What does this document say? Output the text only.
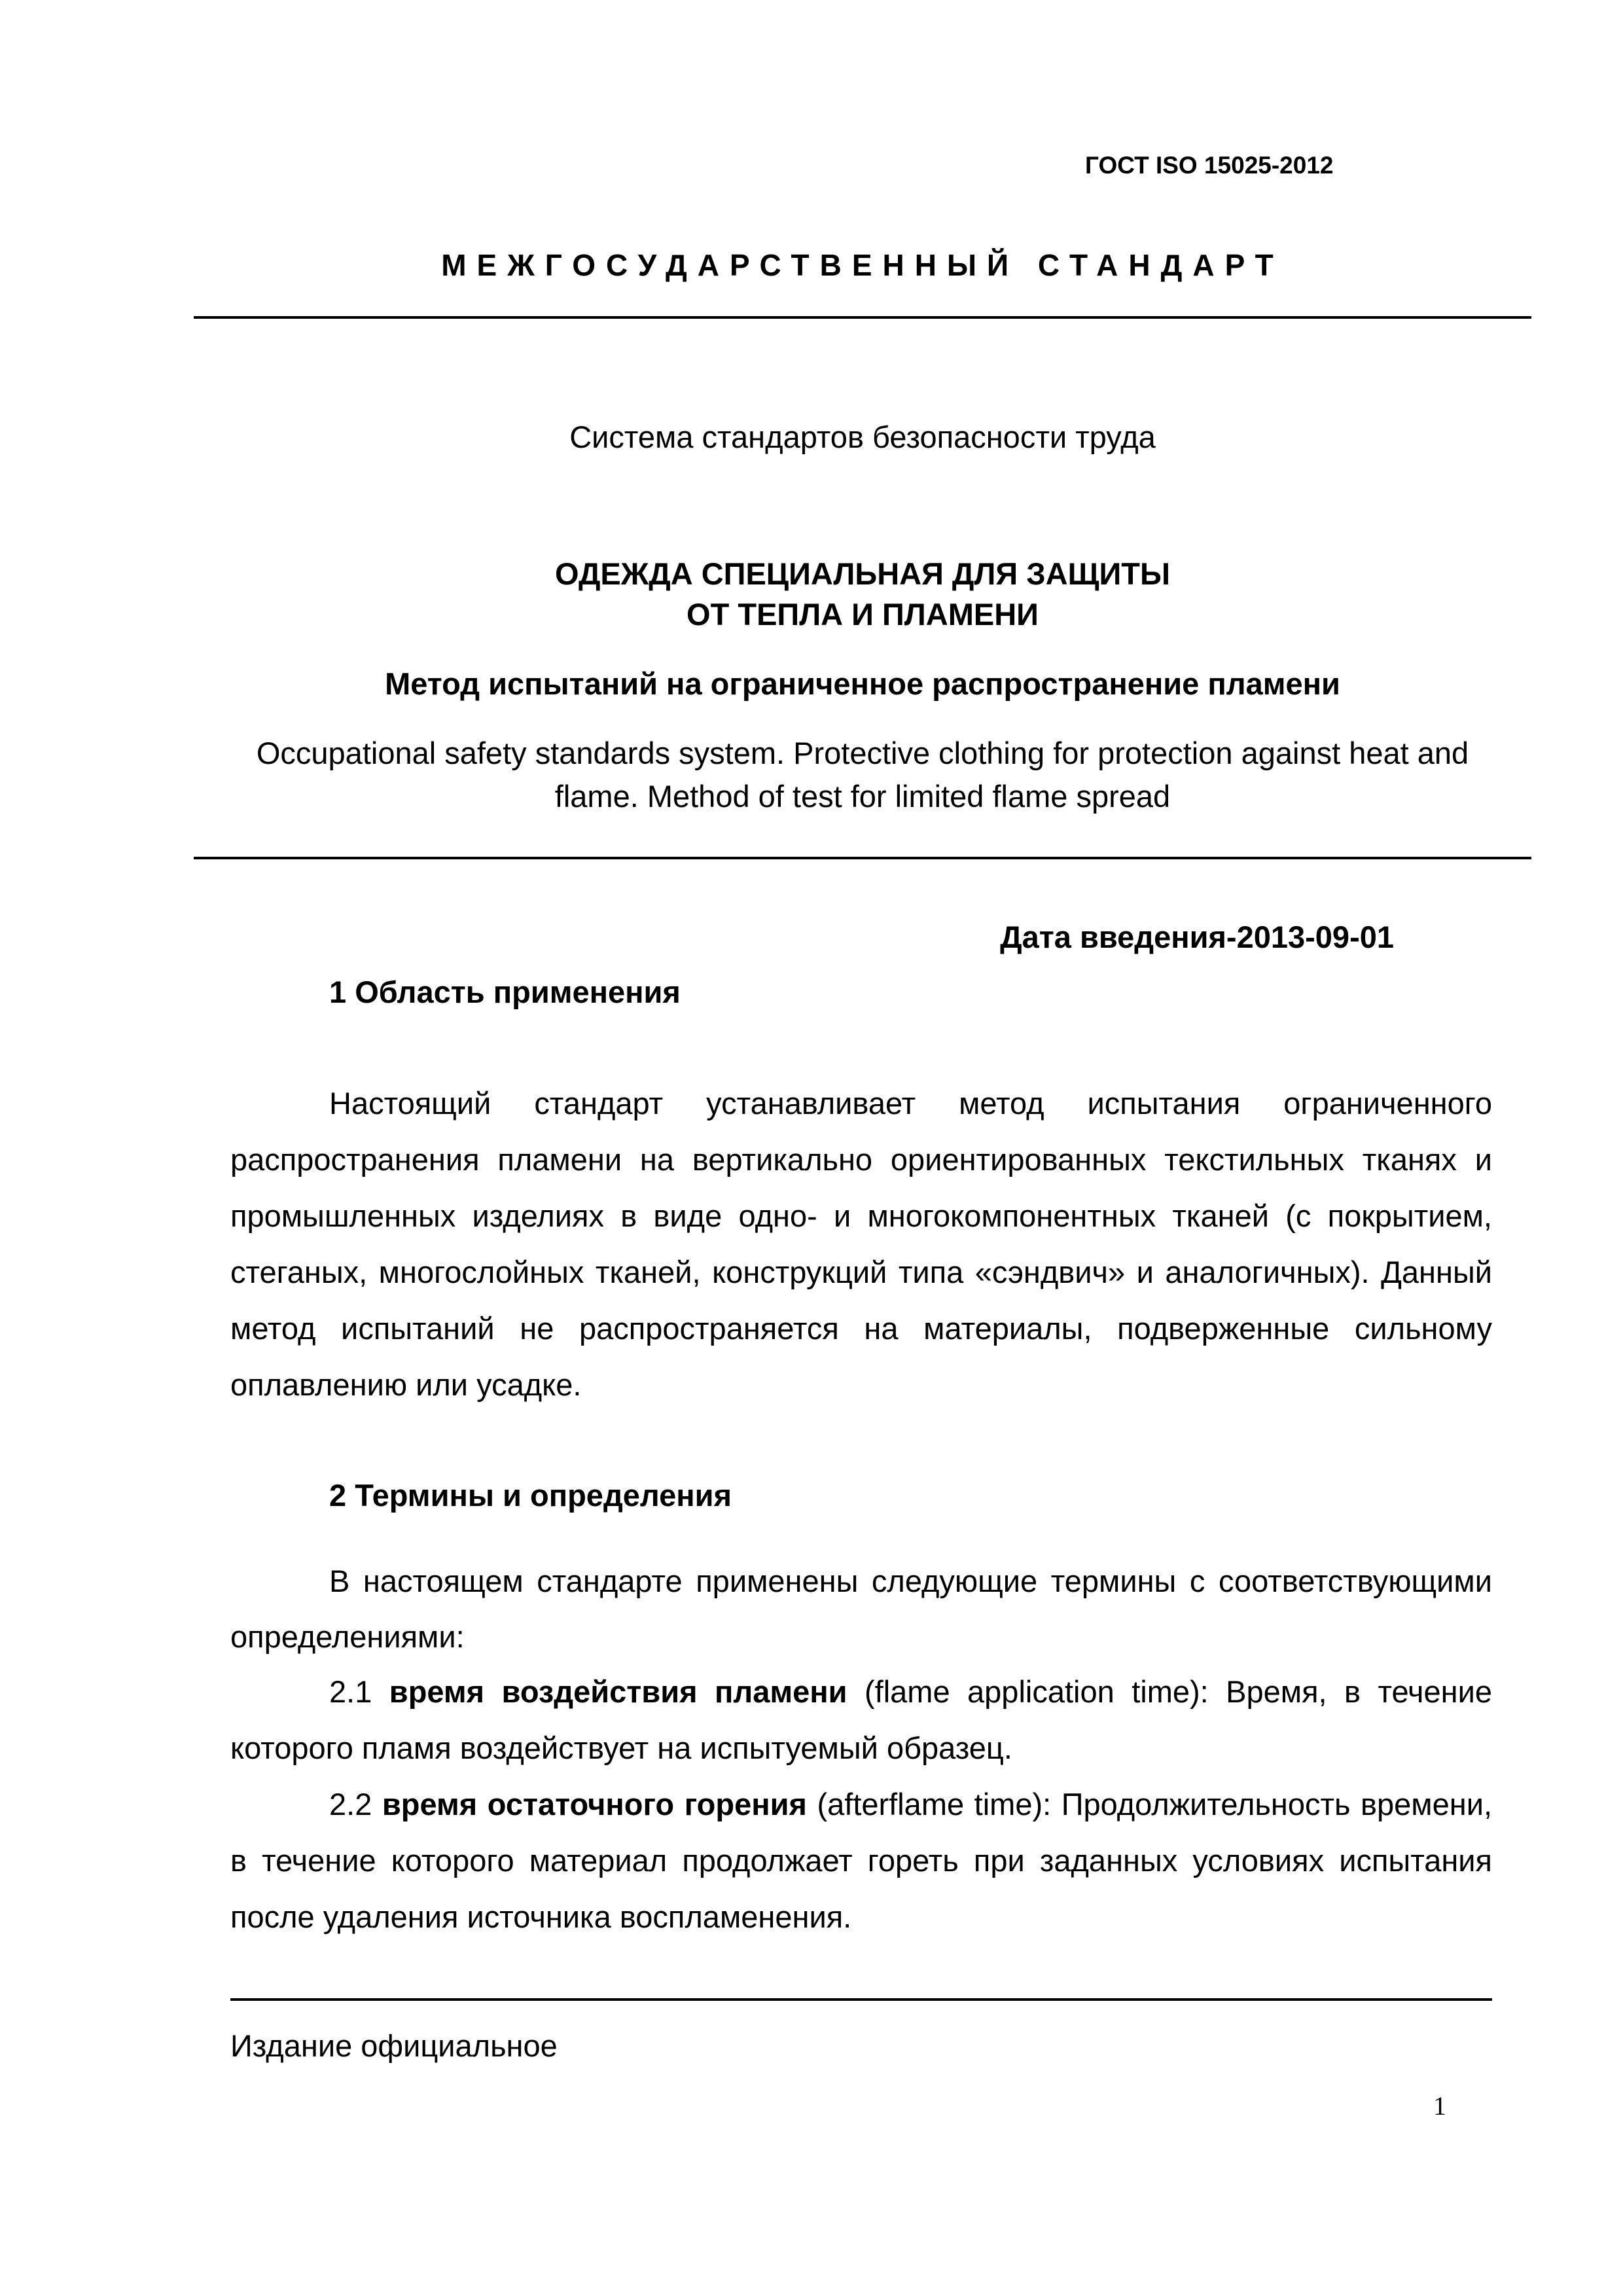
ГОСТ ISO 15025-2012
МЕЖГОСУДАРСТВЕННЫЙ СТАНДАРТ
Система стандартов безопасности труда
ОДЕЖДА СПЕЦИАЛЬНАЯ ДЛЯ ЗАЩИТЫ
ОТ ТЕПЛА И ПЛАМЕНИ
Метод испытаний на ограниченное распространение пламени
Occupational safety standards system. Protective clothing for protection against heat and
flame. Method of test for limited flame spread
Дата введения-2013-09-01
1 Область применения
Настоящий стандарт устанавливает метод испытания ограниченного распространения пламени на вертикально ориентированных текстильных тканях и промышленных изделиях в виде одно- и многокомпонентных тканей (с покрытием, стеганых, многослойных тканей, конструкций типа «сэндвич» и аналогичных). Данный метод испытаний не распространяется на материалы, подверженные сильному оплавлению или усадке.
2 Термины и определения
В настоящем стандарте применены следующие термины с соответствующими определениями:
2.1 время воздействия пламени (flame application time): Время, в течение которого пламя воздействует на испытуемый образец.
2.2 время остаточного горения (afterflame time): Продолжительность времени, в течение которого материал продолжает гореть при заданных условиях испытания после удаления источника воспламенения.
Издание официальное
1
